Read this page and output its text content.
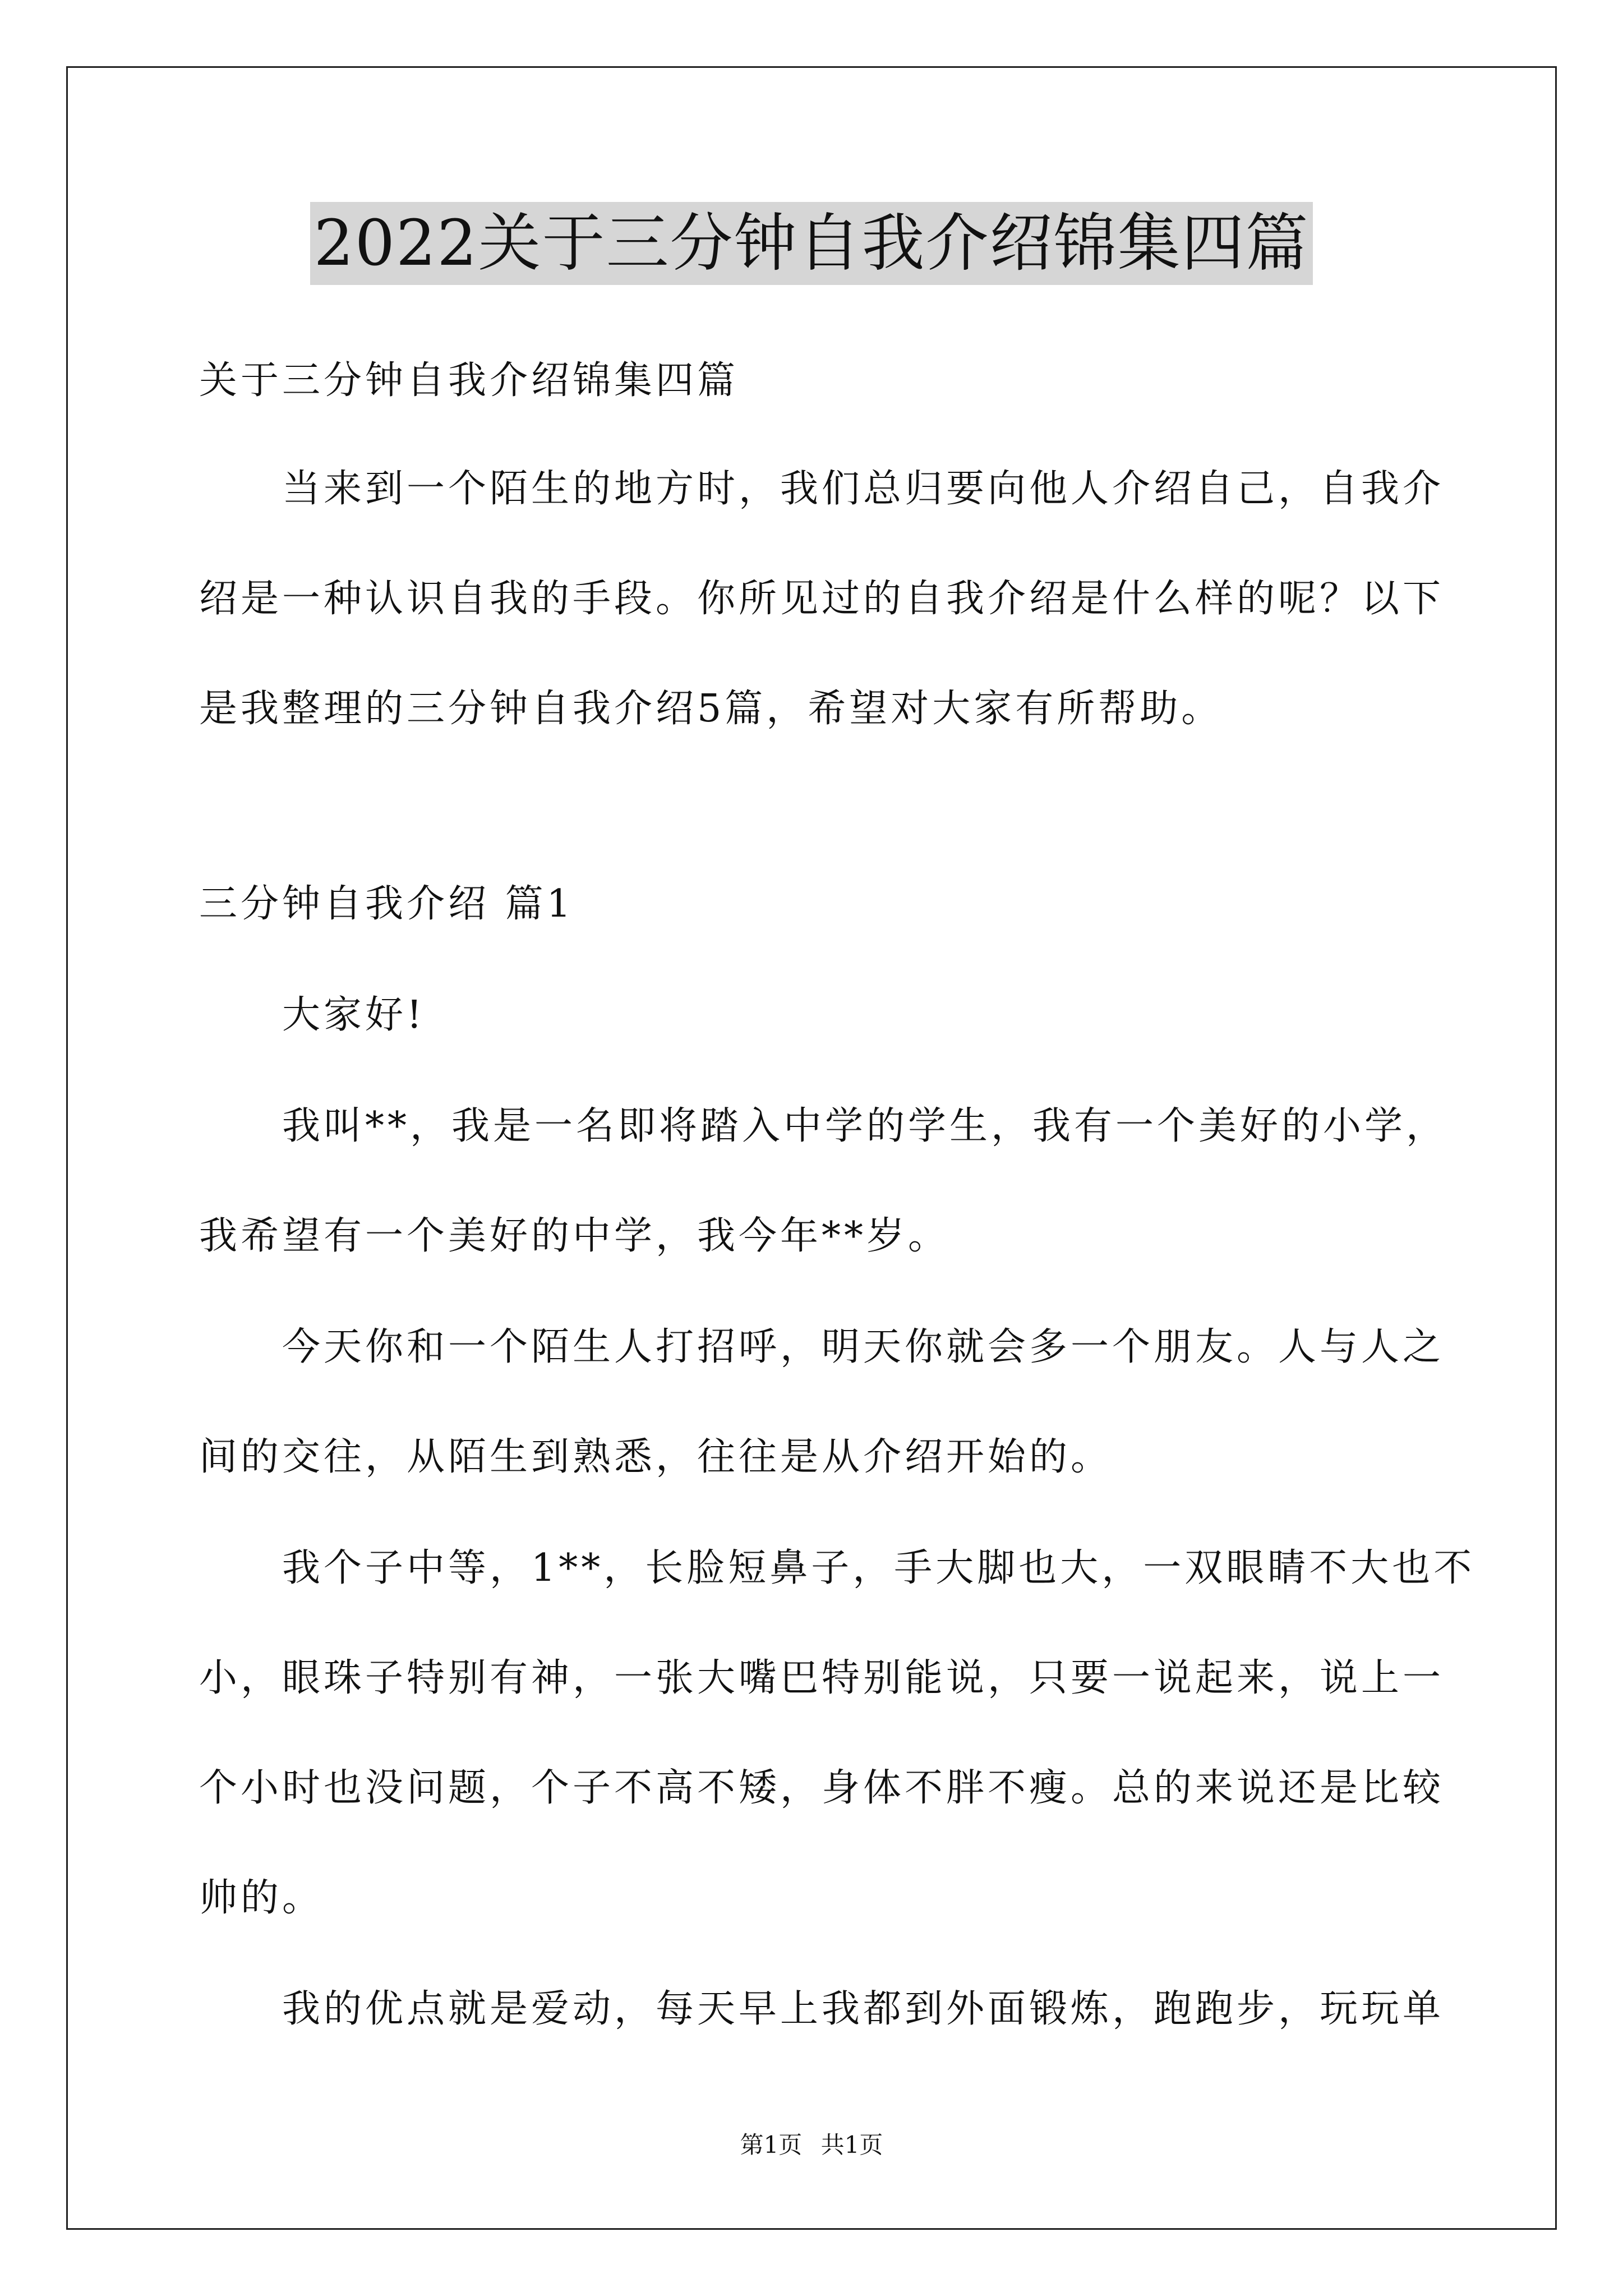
2022关于三分钟自我介绍锦集四篇

关于三分钟自我介绍锦集四篇

当来到一个陌生的地方时，我们总归要向他人介绍自己，自我介

绍是一种认识自我的手段。你所见过的自我介绍是什么样的呢？以下

是我整理的三分钟自我介绍5篇，希望对大家有所帮助。

三分钟自我介绍 篇1

大家好!

我叫**，我是一名即将踏入中学的学生，我有一个美好的小学，

我希望有一个美好的中学，我今年**岁。

今天你和一个陌生人打招呼，明天你就会多一个朋友。人与人之

间的交往，从陌生到熟悉，往往是从介绍开始的。

我个子中等，1**，长脸短鼻子，手大脚也大，一双眼睛不大也不

小，眼珠子特别有神，一张大嘴巴特别能说，只要一说起来，说上一

个小时也没问题，个子不高不矮，身体不胖不瘦。总的来说还是比较

帅的。

我的优点就是爱动，每天早上我都到外面锻炼，跑跑步，玩玩单

第1页 共1页
